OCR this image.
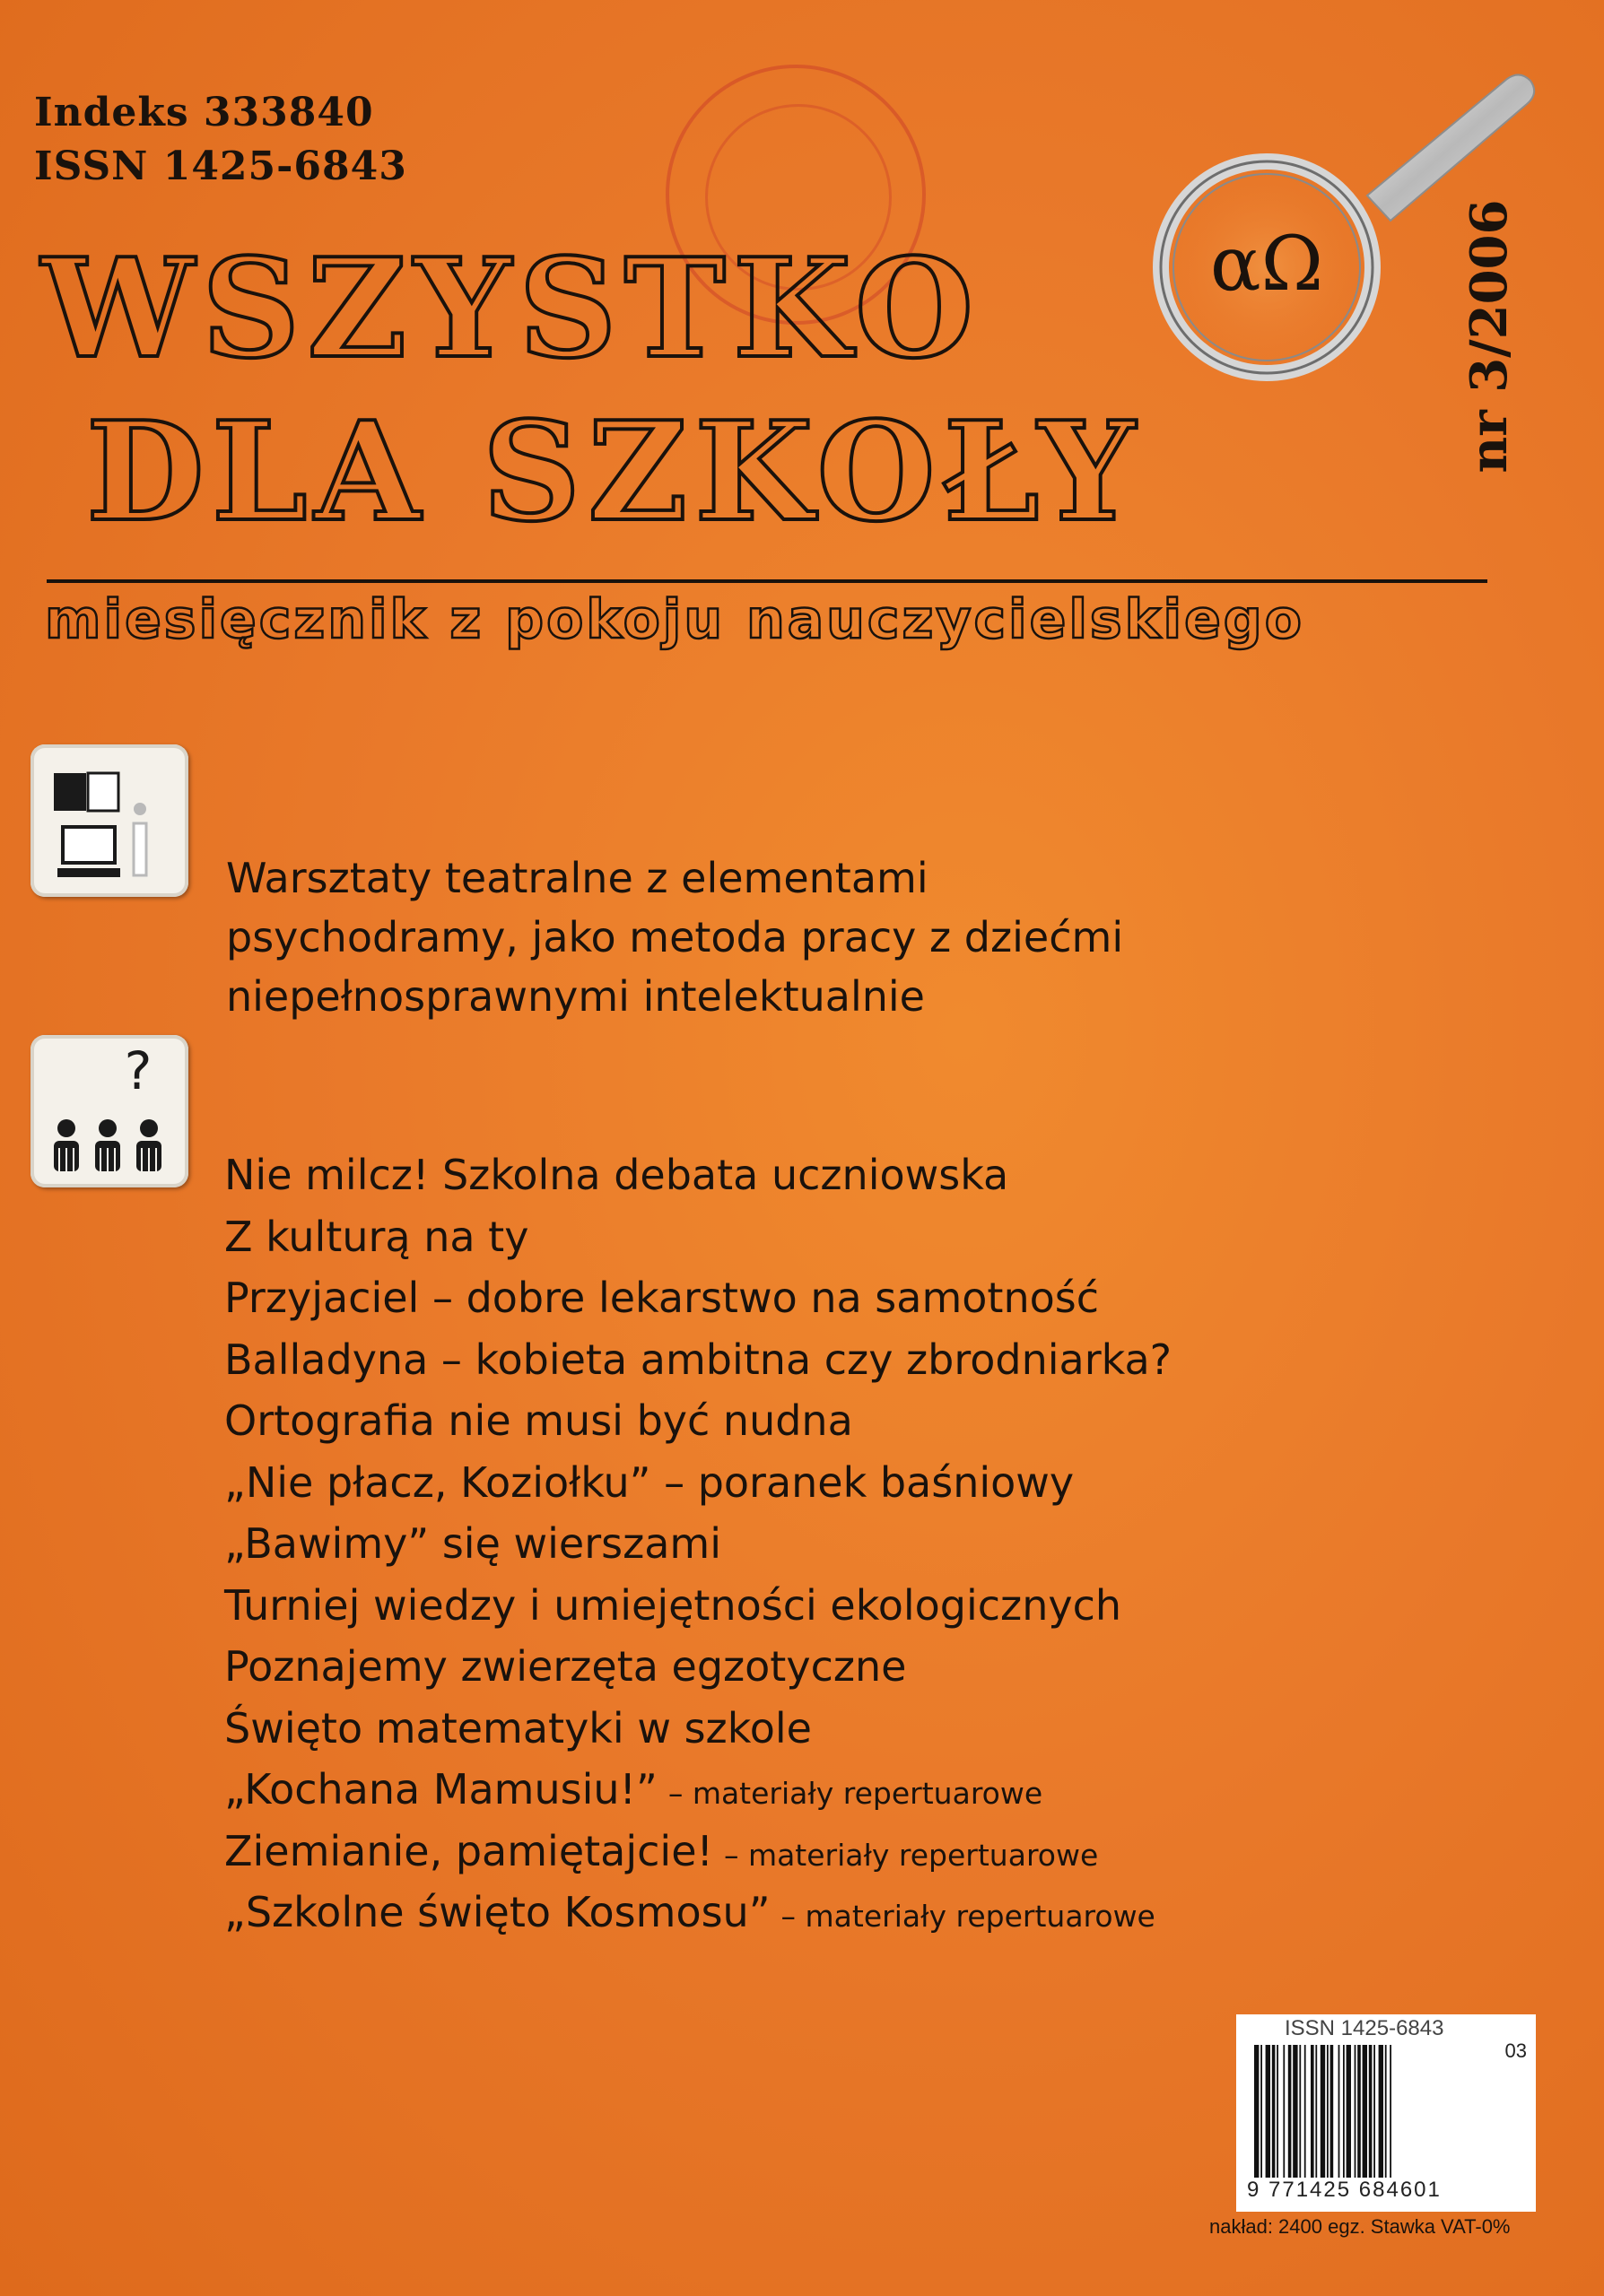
Indeks 333840
ISSN 1425-6843
WSZYSTKO
DLA SZKOŁY
αΩ	nr 3/2006
miesięcznik z pokoju nauczycielskiego
Warsztaty teatralne z elementami
psychodramy, jako metoda pracy z dziećmi
niepełnosprawnymi intelektualnie
?
Nie milcz! Szkolna debata uczniowska
Z kulturą na ty
Przyjaciel – dobre lekarstwo na samotność
Balladyna – kobieta ambitna czy zbrodniarka?
Ortografia nie musi być nudna
„Nie płacz, Koziołku” – poranek baśniowy
„Bawimy” się wierszami
Turniej wiedzy i umiejętności ekologicznych
Poznajemy zwierzęta egzotyczne
Święto matematyki w szkole
„Kochana Mamusiu!” – materiały repertuarowe
Ziemianie, pamiętajcie! – materiały repertuarowe
„Szkolne święto Kosmosu” – materiały repertuarowe
ISSN 1425-6843
03
9 771425 684601
nakład: 2400 egz. Stawka VAT-0%
